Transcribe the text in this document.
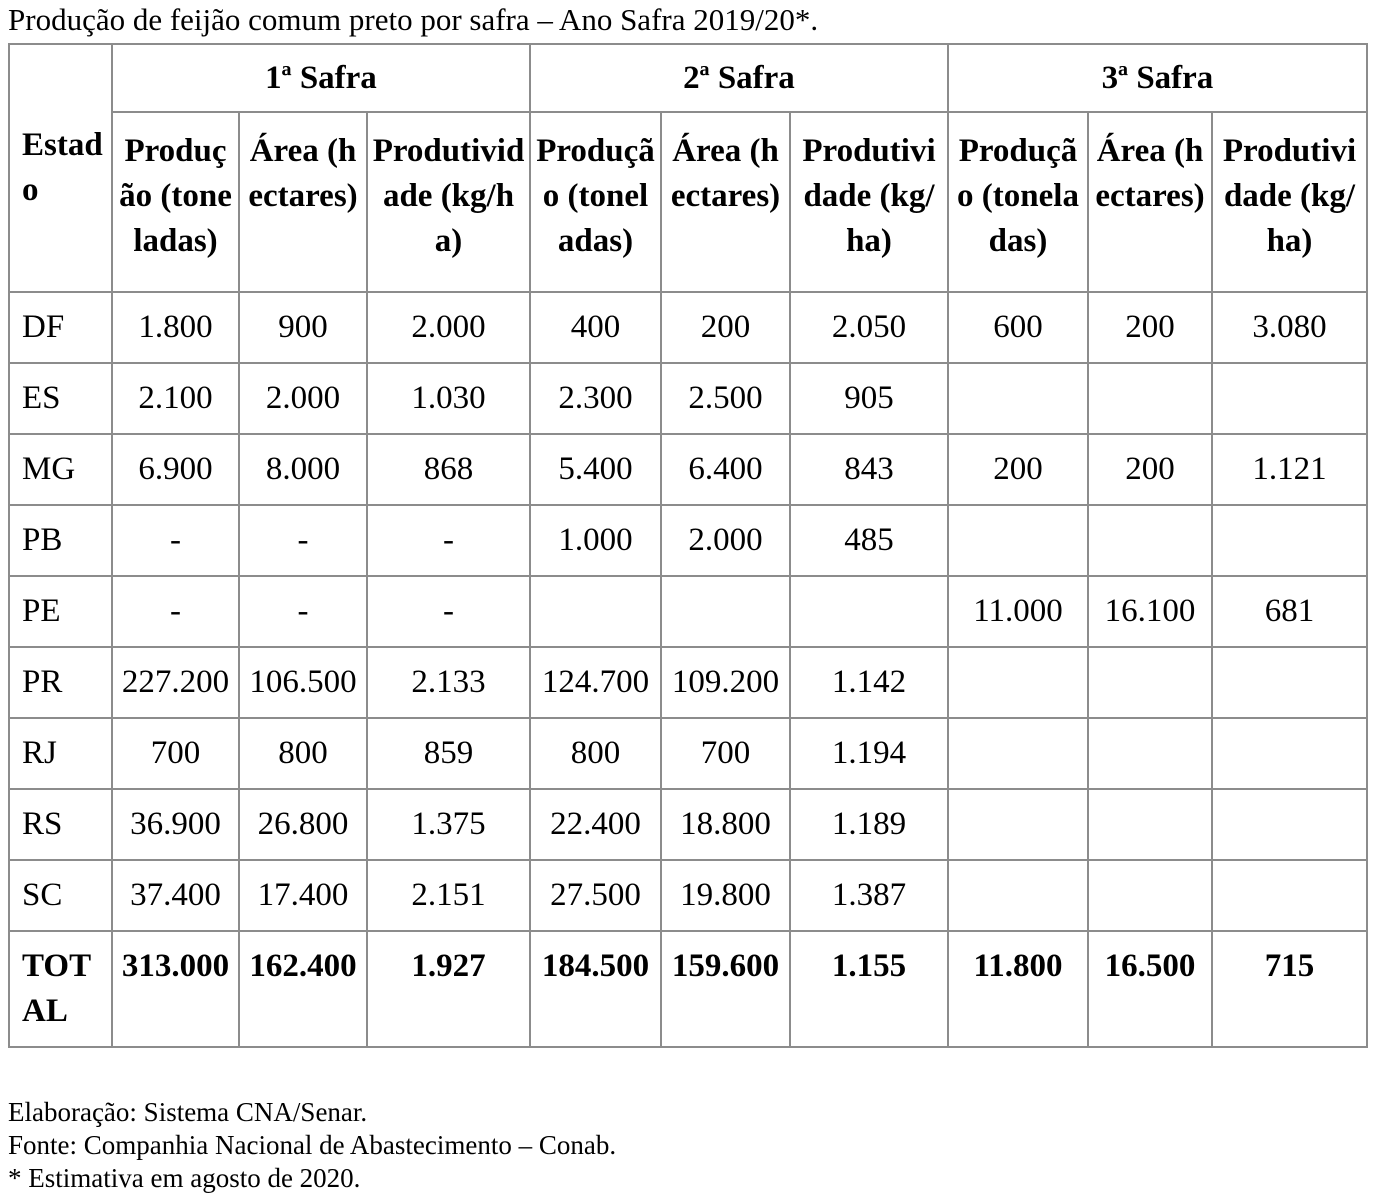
Produção de feijão comum preto por safra – Ano Safra 2019/20*.
Estado	1ª Safra			2ª Safra			3ª Safra		
	Produção (toneladas)	Área (hectares)	Produtividade (kg/ha)	Produção (toneladas)	Área (hectares)	Produtividade (kg/ha)	Produção (toneladas)	Área (hectares)	Produtividade (kg/ha)
DF	1.800	900	2.000	400	200	2.050	600	200	3.080
ES	2.100	2.000	1.030	2.300	2.500	905			
MG	6.900	8.000	868	5.400	6.400	843	200	200	1.121
PB	-	-	-	1.000	2.000	485			
PE	-	-	-				11.000	16.100	681
PR	227.200	106.500	2.133	124.700	109.200	1.142			
RJ	700	800	859	800	700	1.194			
RS	36.900	26.800	1.375	22.400	18.800	1.189			
SC	37.400	17.400	2.151	27.500	19.800	1.387			
TOTAL	313.000	162.400	1.927	184.500	159.600	1.155	11.800	16.500	715
Elaboração: Sistema CNA/Senar.
Fonte: Companhia Nacional de Abastecimento – Conab.
* Estimativa em agosto de 2020.
